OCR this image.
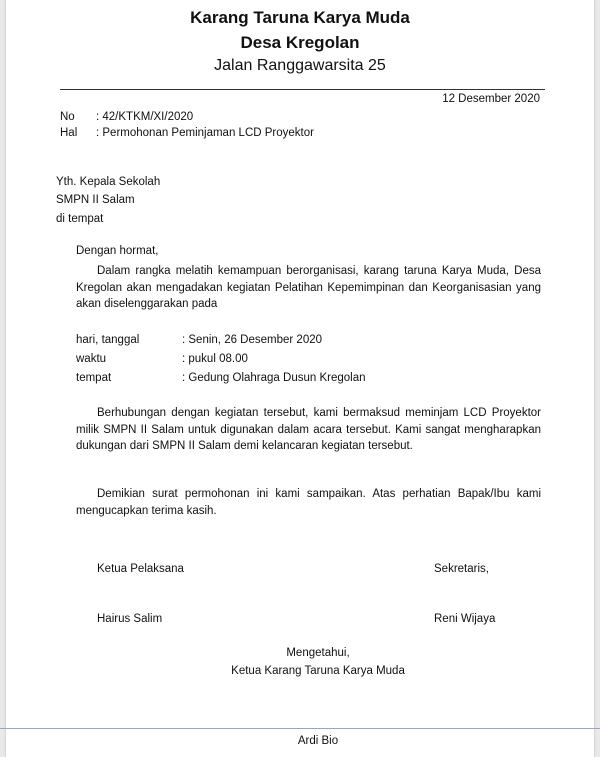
Karang Taruna Karya Muda
Desa Kregolan
Jalan Ranggawarsita 25
12 Desember 2020
No : 42/KTKM/XI/2020
Hal : Permohonan Peminjaman LCD Proyektor
Yth. Kepala Sekolah
SMPN II Salam
di tempat
Dengan hormat,
Dalam rangka melatih kemampuan berorganisasi, karang taruna Karya Muda, Desa Kregolan akan mengadakan kegiatan Pelatihan Kepemimpinan dan Keorganisasian yang akan diselenggarakan pada
hari, tanggal	: Senin, 26 Desember 2020
waktu	: pukul 08.00
tempat	: Gedung Olahraga Dusun Kregolan
Berhubungan dengan kegiatan tersebut, kami bermaksud meminjam LCD Proyektor milik SMPN II Salam untuk digunakan dalam acara tersebut. Kami sangat mengharapkan dukungan dari SMPN II Salam demi kelancaran kegiatan tersebut.
Demikian surat permohonan ini kami sampaikan. Atas perhatian Bapak/Ibu kami mengucapkan terima kasih.
Ketua Pelaksana	Sekretaris,
Hairus Salim	Reni Wijaya
Mengetahui,
Ketua Karang Taruna Karya Muda
Ardi Bio
